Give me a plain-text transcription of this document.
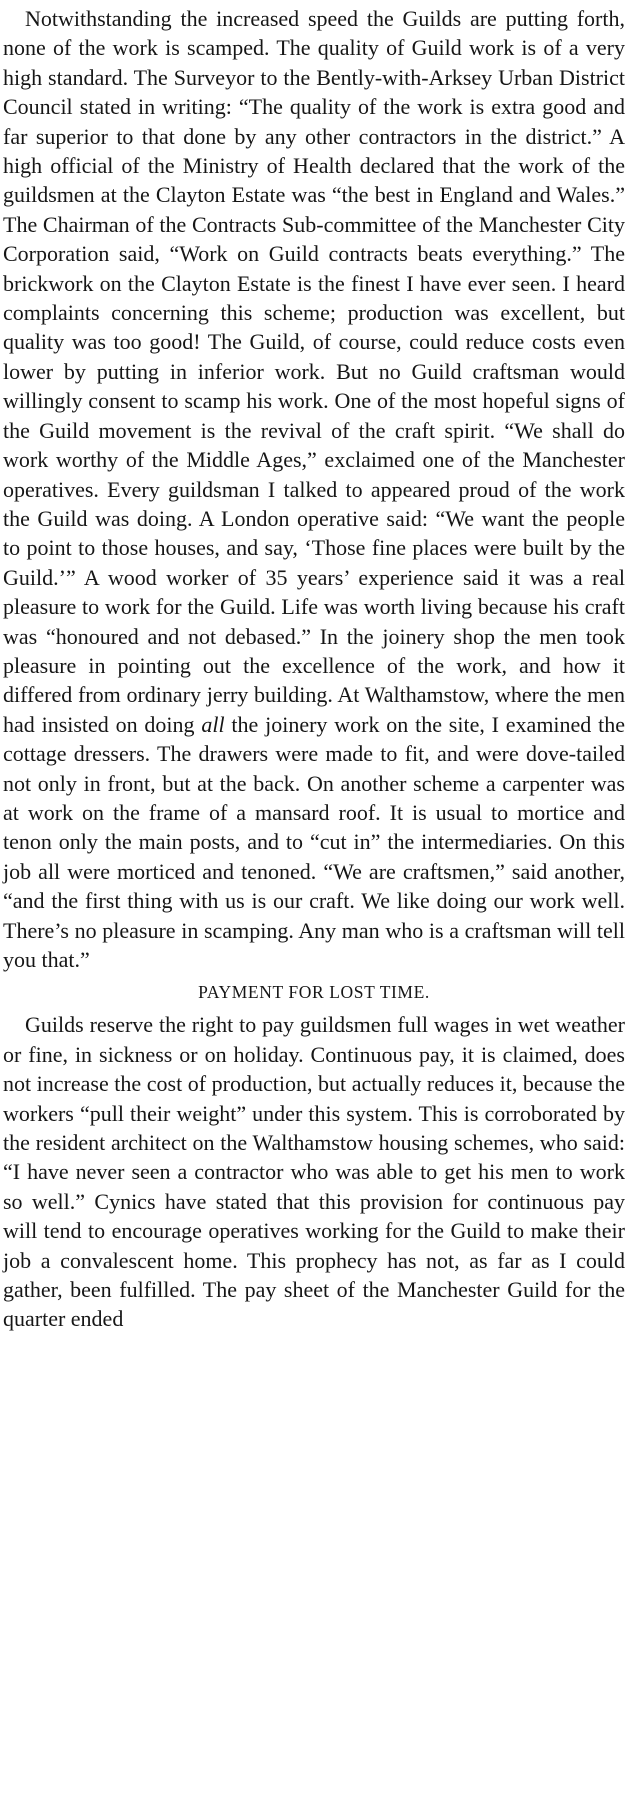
Notwithstanding the increased speed the Guilds are putting forth, none of the work is scamped. The quality of Guild work is of a very high standard. The Surveyor to the Bently-with-Arksey Urban District Council stated in writing: “The quality of the work is extra good and far superior to that done by any other contractors in the district.” A high official of the Ministry of Health declared that the work of the guildsmen at the Clayton Estate was “the best in England and Wales.” The Chairman of the Contracts Sub-committee of the Manchester City Corporation said, “Work on Guild contracts beats everything.” The brickwork on the Clayton Estate is the finest I have ever seen. I heard complaints concerning this scheme; production was excellent, but quality was too good! The Guild, of course, could reduce costs even lower by putting in inferior work. But no Guild craftsman would willingly consent to scamp his work. One of the most hopeful signs of the Guild movement is the revival of the craft spirit. “We shall do work worthy of the Middle Ages,” exclaimed one of the Manchester operatives. Every guildsman I talked to appeared proud of the work the Guild was doing. A London operative said: “We want the people to point to those houses, and say, ‘Those fine places were built by the Guild.’” A wood worker of 35 years’ experience said it was a real pleasure to work for the Guild. Life was worth living because his craft was “honoured and not debased.” In the joinery shop the men took pleasure in pointing out the excellence of the work, and how it differed from ordinary jerry building. At Walthamstow, where the men had insisted on doing all the joinery work on the site, I examined the cottage dressers. The drawers were made to fit, and were dove-tailed not only in front, but at the back. On another scheme a carpenter was at work on the frame of a mansard roof. It is usual to mortice and tenon only the main posts, and to “cut in” the intermediaries. On this job all were morticed and tenoned. “We are craftsmen,” said another, “and the first thing with us is our craft. We like doing our work well. There’s no pleasure in scamping. Any man who is a craftsman will tell you that.”

PAYMENT FOR LOST TIME.

Guilds reserve the right to pay guildsmen full wages in wet weather or fine, in sickness or on holiday. Continuous pay, it is claimed, does not increase the cost of production, but actually reduces it, because the workers “pull their weight” under this system. This is corroborated by the resident architect on the Walthamstow housing schemes, who said: “I have never seen a contractor who was able to get his men to work so well.” Cynics have stated that this provision for continuous pay will tend to encourage operatives working for the Guild to make their job a convalescent home. This prophecy has not, as far as I could gather, been fulfilled. The pay sheet of the Manchester Guild for the quarter ended
